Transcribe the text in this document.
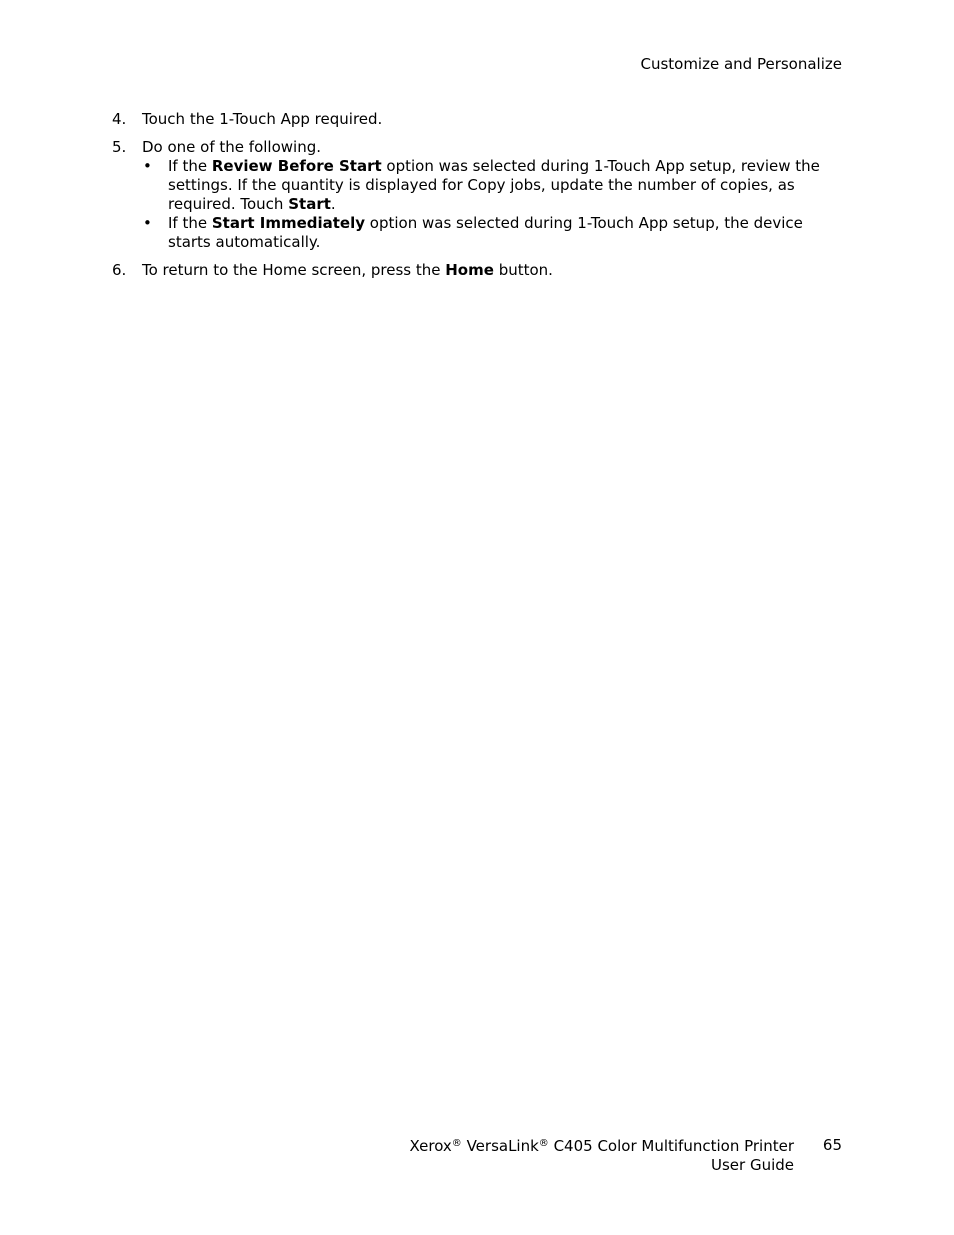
Customize and Personalize
4.	Touch the 1-Touch App required.
5.	Do one of the following.
•	If the Review Before Start option was selected during 1-Touch App setup, review the settings. If the quantity is displayed for Copy jobs, update the number of copies, as required. Touch Start.
•	If the Start Immediately option was selected during 1-Touch App setup, the device starts automatically.
6.	To return to the Home screen, press the Home button.
Xerox® VersaLink® C405 Color Multifunction Printer
User Guide
65
